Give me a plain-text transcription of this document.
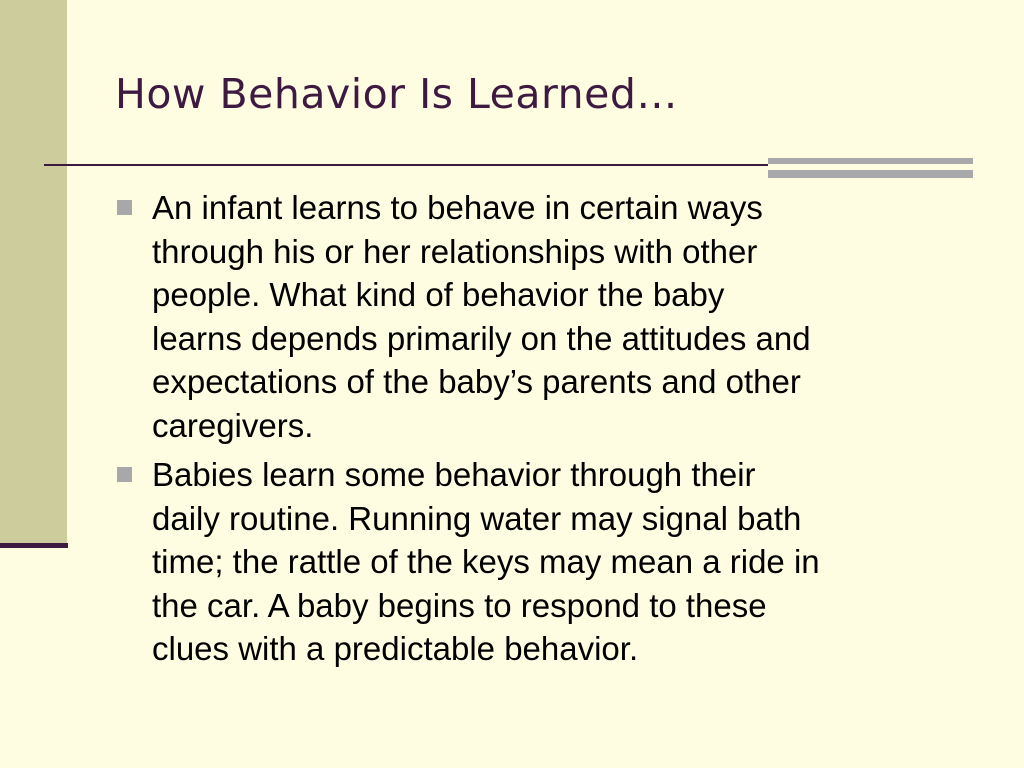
How Behavior Is Learned…
An infant learns to behave in certain ways
through his or her relationships with other
people. What kind of behavior the baby
learns depends primarily on the attitudes and
expectations of the baby’s parents and other
caregivers.
Babies learn some behavior through their
daily routine. Running water may signal bath
time; the rattle of the keys may mean a ride in
the car. A baby begins to respond to these
clues with a predictable behavior.
